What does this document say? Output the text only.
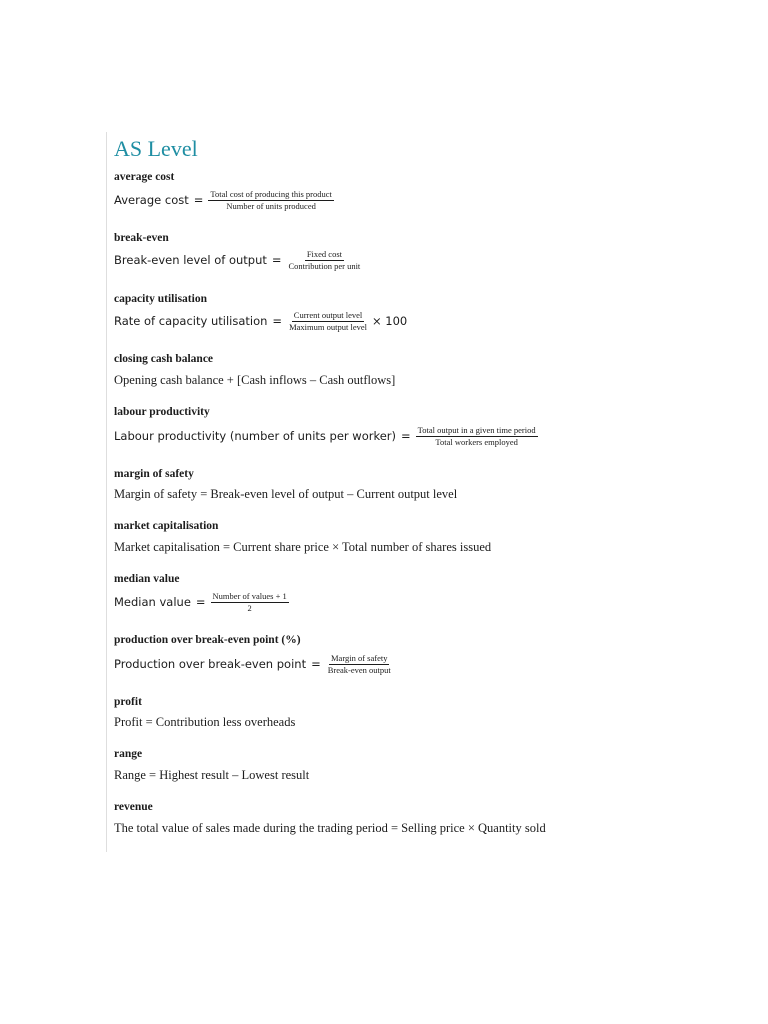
AS Level
average cost
Average $\cos t = \frac{\text{Total cost of producing this product}}{\text{Number of units produced}}$
break-even
Break-even level of output = $\frac{\text{Fixed cost}}{\text{Contribution per unit}}$
capacity utilisation
Rate of capacity utilisation = $\frac{\text{Current output level}}{\text{Maximum output level}} \times 100$
closing cash balance
Opening cash balance + [Cash inflows – Cash outflows]
labour productivity
Labour productivity (number of units per worker) = $\frac{\text{Total output in a given time period}}{\text{Total workers employed}}$
margin of safety
Margin of safety = Break-even level of output – Current output level
market capitalisation
Market capitalisation = Current share price × Total number of shares issued
median value
Median value = $\frac{\text{Number of values + 1}}{2}$
production over break-even point (%)
Production over break-even point = $\frac{\text{Margin of safety}}{\text{Break-even output}}$
profit
Profit = Contribution less overheads
range
Range = Highest result – Lowest result
revenue
The total value of sales made during the trading period = Selling price × Quantity sold
